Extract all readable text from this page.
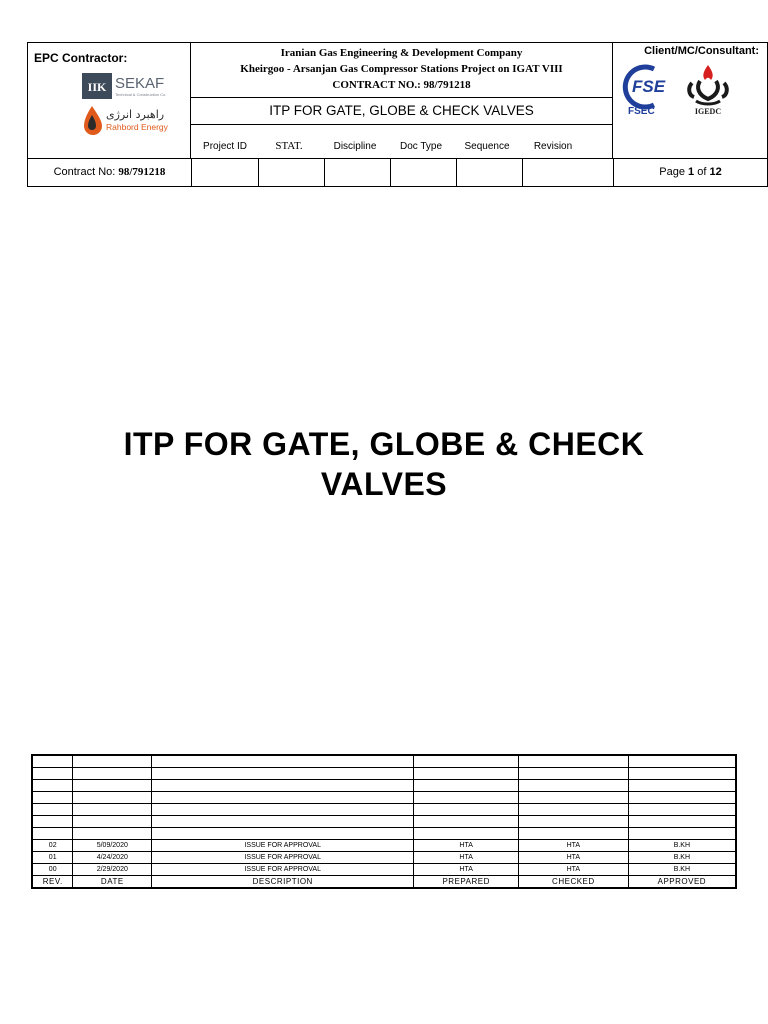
EPC Contractor:
IIK SEKAF
Technical & Construction Co.
راهبرد انرژی
Rahbord Energy
Iranian Gas Engineering & Development Company
Kheirgoo - Arsanjan Gas Compressor Stations Project on IGAT VIII
CONTRACT NO.: 98/791218
ITP FOR GATE, GLOBE & CHECK VALVES
Project ID	STAT.	Discipline	Doc Type	Sequence	Revision
Client/MC/Consultant:
FSE
FSEC	IGEDC
Contract No: 98/791218	Page 1 of 12
ITP FOR GATE, GLOBE & CHECK
VALVES

02	5/09/2020	ISSUE FOR APPROVAL	HTA	HTA	B.KH
01	4/24/2020	ISSUE FOR APPROVAL	HTA	HTA	B.KH
00	2/29/2020	ISSUE FOR APPROVAL	HTA	HTA	B.KH
REV.	DATE	DESCRIPTION	PREPARED	CHECKED	APPROVED
